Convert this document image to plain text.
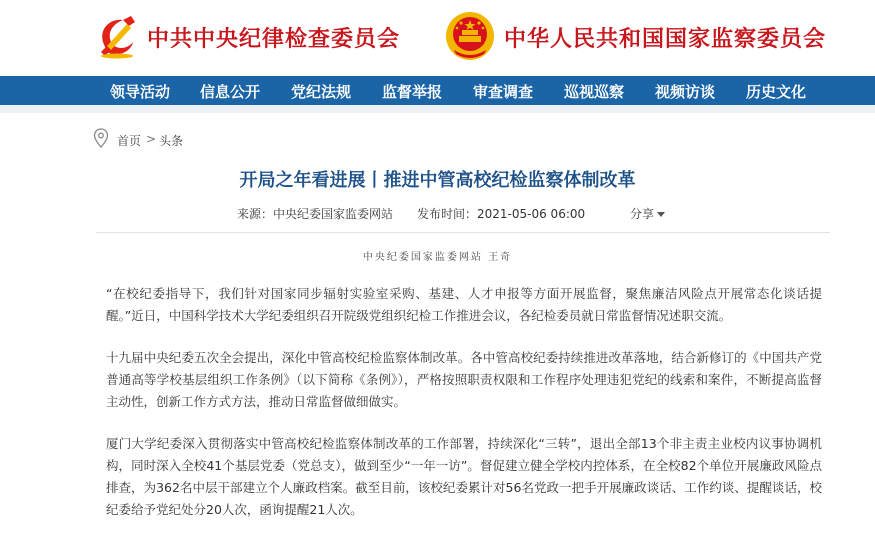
中共中央纪律检查委员会	中华人民共和国国家监察委员会
领导活动 信息公开 党纪法规 监督举报 审查调查 巡视巡察 视频访谈 历史文化
首页 > 头条
开局之年看进展丨推进中管高校纪检监察体制改革
来源：中央纪委国家监委网站 发布时间：2021-05-06 06:00	分享
中央纪委国家监委网站 王奇
“在校纪委指导下，我们针对国家同步辐射实验室采购、基建、人才申报等方面开展监督，聚焦廉洁风险点开展常态化谈话提醒。”近日，中国科学技术大学纪委组织召开院级党组织纪检工作推进会议，各纪检委员就日常监督情况述职交流。
十九届中央纪委五次全会提出，深化中管高校纪检监察体制改革。各中管高校纪委持续推进改革落地，结合新修订的《中国共产党普通高等学校基层组织工作条例》（以下简称《条例》），严格按照职责权限和工作程序处理违犯党纪的线索和案件，不断提高监督主动性，创新工作方式方法，推动日常监督做细做实。
厦门大学纪委深入贯彻落实中管高校纪检监察体制改革的工作部署，持续深化“三转”，退出全部13个非主责主业校内议事协调机构，同时深入全校41个基层党委（党总支），做到至少“一年一访”。督促建立健全学校内控体系，在全校82个单位开展廉政风险点排查，为362名中层干部建立个人廉政档案。截至目前，该校纪委累计对56名党政一把手开展廉政谈话、工作约谈、提醒谈话，校纪委给予党纪处分20人次，函询提醒21人次。
